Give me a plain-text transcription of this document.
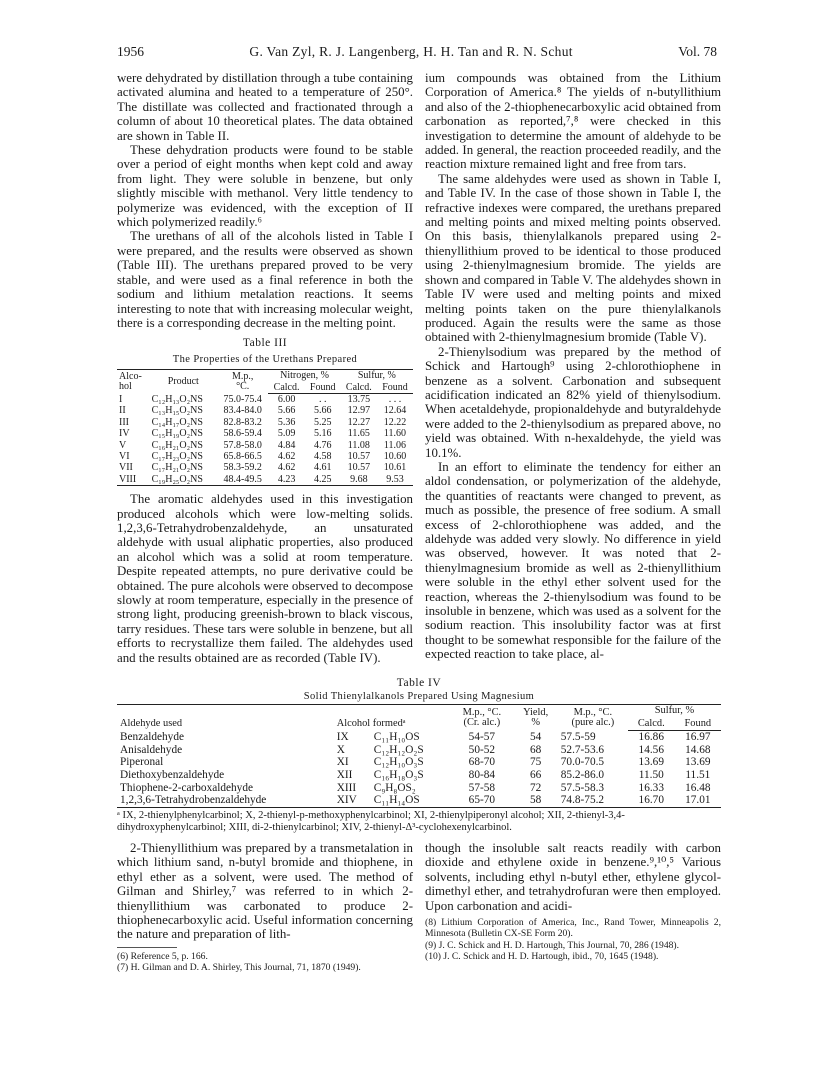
1956	G. Van Zyl, R. J. Langenberg, H. H. Tan and R. N. Schut	Vol. 78

were dehydrated by distillation through a tube containing activated alumina and heated to a temperature of 250°. The distillate was collected and fractionated through a column of about 10 theoretical plates. The data obtained are shown in Table II.

These dehydration products were found to be stable over a period of eight months when kept cold and away from light. They were soluble in benzene, but only slightly miscible with methanol. Very little tendency to polymerize was evidenced, with the exception of II which polymerized readily.⁶

The urethans of all of the alcohols listed in Table I were prepared, and the results were observed as shown (Table III). The urethans prepared proved to be very stable, and were used as a final reference in both the sodium and lithium metalation reactions. It seems interesting to note that with increasing molecular weight, there is a corresponding decrease in the melting point.

Table III
The Properties of the Urethans Prepared
Alco-
hol	Product	M.p.,
°C.	Nitrogen, %		Sulfur, %	
			Calcd.	Found	Calcd.	Found
I	C₁₂H₁₃O₂NS	75.0-75.4	6.00	. .	13.75	. . .
II	C₁₃H₁₅O₂NS	83.4-84.0	5.66	5.66	12.97	12.64
III	C₁₄H₁₇O₂NS	82.8-83.2	5.36	5.25	12.27	12.22
IV	C₁₅H₁₉O₂NS	58.6-59.4	5.09	5.16	11.65	11.60
V	C₁₆H₂₁O₂NS	57.8-58.0	4.84	4.76	11.08	11.06
VI	C₁₇H₂₃O₂NS	65.8-66.5	4.62	4.58	10.57	10.60
VII	C₁₇H₂₁O₂NS	58.3-59.2	4.62	4.61	10.57	10.61
VIII	C₁₉H₂₅O₂NS	48.4-49.5	4.23	4.25	9.68	9.53

The aromatic aldehydes used in this investigation produced alcohols which were low-melting solids. 1,2,3,6-Tetrahydrobenzaldehyde, an unsaturated aldehyde with usual aliphatic properties, also produced an alcohol which was a solid at room temperature. Despite repeated attempts, no pure derivative could be obtained. The pure alcohols were observed to decompose slowly at room temperature, especially in the presence of strong light, producing greenish-brown to black viscous, tarry residues. These tars were soluble in benzene, but all efforts to recrystallize them failed. The aldehydes used and the results obtained are as recorded (Table IV).

ium compounds was obtained from the Lithium Corporation of America.⁸ The yields of n-butyllithium and also of the 2-thiophenecarboxylic acid obtained from carbonation as reported,⁷,⁸ were checked in this investigation to determine the amount of aldehyde to be added. In general, the reaction proceeded readily, and the reaction mixture remained light and free from tars.

The same aldehydes were used as shown in Table I, and Table IV. In the case of those shown in Table I, the refractive indexes were compared, the urethans prepared and melting points and mixed melting points observed. On this basis, thienylalkanols prepared using 2-thienyllithium proved to be identical to those produced using 2-thienylmagnesium bromide. The yields are shown and compared in Table V. The aldehydes shown in Table IV were used and melting points and mixed melting points taken on the pure thienylalkanols produced. Again the results were the same as those obtained with 2-thienylmagnesium bromide (Table V).

2-Thienylsodium was prepared by the method of Schick and Hartough⁹ using 2-chlorothiophene in benzene as a solvent. Carbonation and subsequent acidification indicated an 82% yield of thienylsodium. When acetaldehyde, propionaldehyde and butyraldehyde were added to the 2-thienylsodium as prepared above, no yield was obtained. With n-hexaldehyde, the yield was 10.1%.

In an effort to eliminate the tendency for either an aldol condensation, or polymerization of the aldehyde, the quantities of reactants were changed to prevent, as much as possible, the presence of free sodium. A small excess of 2-chlorothiophene was added, and the aldehyde was added very slowly. No difference in yield was observed, however. It was noted that 2-thienylmagnesium bromide as well as 2-thienyllithium were soluble in the ethyl ether solvent used for the reaction, whereas the 2-thienylsodium was found to be insoluble in benzene, which was used as a solvent for the sodium reaction. This insolubility factor was at first thought to be somewhat responsible for the failure of the expected reaction to take place, al-

Table IV
Solid Thienylalkanols Prepared Using Magnesium
Aldehyde used	Alcohol formedᵃ		M.p., °C.
(Cr. alc.)	Yield,
%	M.p., °C.
(pure alc.)	Sulfur, %	
						Calcd.	Found
Benzaldehyde	IX	C₁₁H₁₀OS	54-57	54	57.5-59	16.86	16.97
Anisaldehyde	X	C₁₂H₁₂O₂S	50-52	68	52.7-53.6	14.56	14.68
Piperonal	XI	C₁₂H₁₀O₃S	68-70	75	70.0-70.5	13.69	13.69
Diethoxybenzaldehyde	XII	C₁₆H₁₈O₃S	80-84	66	85.2-86.0	11.50	11.51
Thiophene-2-carboxaldehyde	XIII	C₉H₈OS₂	57-58	72	57.5-58.3	16.33	16.48
1,2,3,6-Tetrahydrobenzaldehyde	XIV	C₁₁H₁₄OS	65-70	58	74.8-75.2	16.70	17.01
ᵃ IX, 2-thienylphenylcarbinol; X, 2-thienyl-p-methoxyphenylcarbinol; XI, 2-thienylpiperonyl alcohol; XII, 2-thienyl-3,4-dihydroxyphenylcarbinol; XIII, di-2-thienylcarbinol; XIV, 2-thienyl-Δ³-cyclohexenylcarbinol.

2-Thienyllithium was prepared by a transmetalation in which lithium sand, n-butyl bromide and thiophene, in ethyl ether as a solvent, were used. The method of Gilman and Shirley,⁷ was referred to in which 2-thienyllithium was carbonated to produce 2-thiophenecarboxylic acid. Useful information concerning the nature and preparation of lith-

(6) Reference 5, p. 166.

(7) H. Gilman and D. A. Shirley, This Journal, 71, 1870 (1949).

though the insoluble salt reacts readily with carbon dioxide and ethylene oxide in benzene.⁹,¹⁰,⁵ Various solvents, including ethyl n-butyl ether, ethylene glycol-dimethyl ether, and tetrahydrofuran were then employed. Upon carbonation and acidi-

(8) Lithium Corporation of America, Inc., Rand Tower, Minneapolis 2, Minnesota (Bulletin CX-SE Form 20).

(9) J. C. Schick and H. D. Hartough, This Journal, 70, 286 (1948).

(10) J. C. Schick and H. D. Hartough, ibid., 70, 1645 (1948).
